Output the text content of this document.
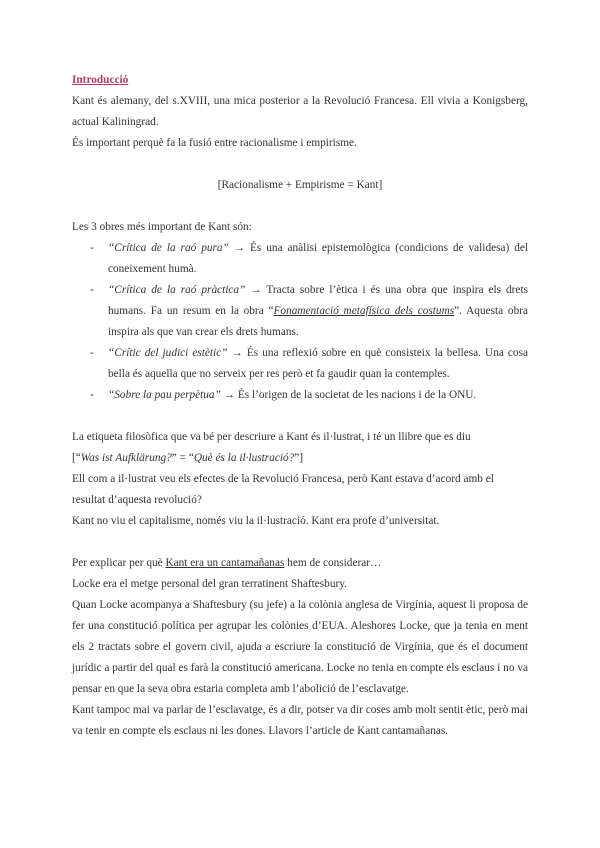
Introducció

Kant és alemany, del s.XVIII, una mica posterior a la Revolució Francesa. Ell vivia a Konigsberg, actual Kaliningrad.

És important perquè fa la fusió entre racionalisme i empirisme.

[Racionalisme + Empirisme = Kant]

Les 3 obres més important de Kant són:

- “Crítica de la raó pura” → És una anàlisi epistemològica (condicions de validesa) del coneixement humà.
- “Crítica de la raó pràctica” → Tracta sobre l’ètica i és una obra que inspira els drets humans. Fa un resum en la obra “Fonamentació metafísica dels costums”. Aquesta obra inspira als que van crear els drets humans.
- “Crític del judici estètic” → És una reflexió sobre en què consisteix la bellesa. Una cosa bella és aquella que no serveix per res però et fa gaudir quan la contemples.
- “Sobre la pau perpètua” → És l’origen de la societat de les nacions i de la ONU.

La etiqueta filosòfica que va bé per descriure a Kant és il·lustrat, i té un llibre que es diu

[“Was ist Aufklärung?” = “Què és la il·lustració?”]

Ell com a il·lustrat veu els efectes de la Revolució Francesa, però Kant estava d’acord amb el resultat d’aquesta revolució?

Kant no viu el capitalisme, només viu la il·lustració. Kant era profe d’universitat.

Per explicar per què Kant era un cantamañanas hem de considerar…

Locke era el metge personal del gran terratinent Shaftesbury.

Quan Locke acompanya a Shaftesbury (su jefe) a la colònia anglesa de Virgínia, aquest li proposa de fer una constitució política per agrupar les colònies d’EUA. Aleshores Locke, que ja tenia en ment els 2 tractats sobre el govern civil, ajuda a escriure la constitució de Virgínia, que és el document jurídic a partir del qual es farà la constitució americana. Locke no tenia en compte els esclaus i no va pensar en que la seva obra estaria completa amb l’abolició de l’esclavatge.

Kant tampoc mai va parlar de l’esclavatge, és a dir, potser va dir coses amb molt sentit ètic, però mai va tenir en compte els esclaus ni les dones. Llavors l’article de Kant cantamañanas.
